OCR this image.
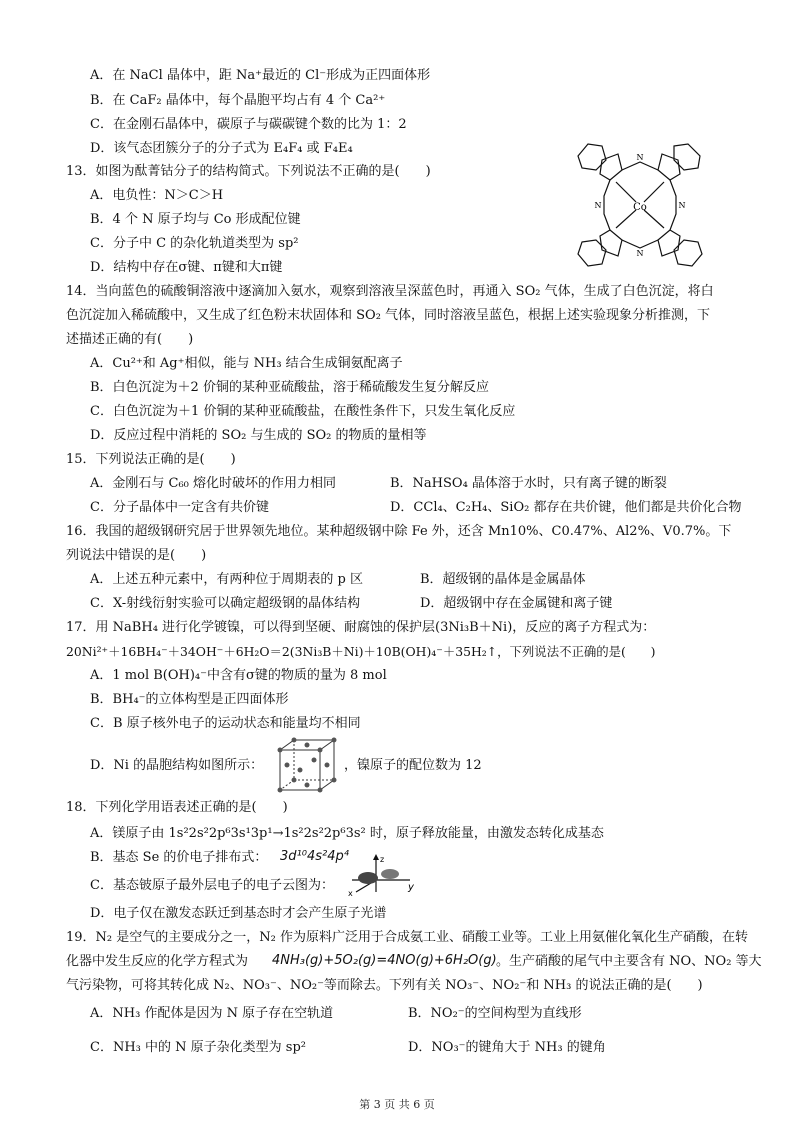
A．在 NaCl 晶体中，距 Na⁺最近的 Cl⁻形成为正四面体形
B．在 CaF₂ 晶体中，每个晶胞平均占有 4 个 Ca²⁺
C．在金刚石晶体中，碳原子与碳碳键个数的比为 1：2
D．该气态团簇分子的分子式为 E₄F₄ 或 F₄E₄
13．如图为酞菁钴分子的结构简式。下列说法不正确的是(　　)
A．电负性：N＞C＞H
B．4 个 N 原子均与 Co 形成配位键
C．分子中 C 的杂化轨道类型为 sp²
D．结构中存在σ键、π键和大π键
Co
N
N
N	N
14．当向蓝色的硫酸铜溶液中逐滴加入氨水，观察到溶液呈深蓝色时，再通入 SO₂ 气体，生成了白色沉淀，将白
色沉淀加入稀硫酸中，又生成了红色粉末状固体和 SO₂ 气体，同时溶液呈蓝色，根据上述实验现象分析推测，下
述描述正确的有(　　)
A．Cu²⁺和 Ag⁺相似，能与 NH₃ 结合生成铜氨配离子
B．白色沉淀为＋2 价铜的某种亚硫酸盐，溶于稀硫酸发生复分解反应
C．白色沉淀为＋1 价铜的某种亚硫酸盐，在酸性条件下，只发生氧化反应
D．反应过程中消耗的 SO₂ 与生成的 SO₂ 的物质的量相等
15．下列说法正确的是(　　)
A．金刚石与 C₆₀ 熔化时破坏的作用力相同	B．NaHSO₄ 晶体溶于水时，只有离子键的断裂
C．分子晶体中一定含有共价键	D．CCl₄、C₂H₄、SiO₂ 都存在共价键，他们都是共价化合物
16．我国的超级钢研究居于世界领先地位。某种超级钢中除 Fe 外，还含 Mn10%、C0.47%、Al2%、V0.7%。下
列说法中错误的是(　　)
A．上述五种元素中，有两种位于周期表的 p 区	B．超级钢的晶体是金属晶体
C．X-射线衍射实验可以确定超级钢的晶体结构	D．超级钢中存在金属键和离子键
17．用 NaBH₄ 进行化学镀镍，可以得到坚硬、耐腐蚀的保护层(3Ni₃B＋Ni)，反应的离子方程式为：
20Ni²⁺＋16BH₄⁻＋34OH⁻＋6H₂O＝2(3Ni₃B＋Ni)＋10B(OH)₄⁻＋35H₂↑，下列说法不正确的是(　　)
A．1 mol B(OH)₄⁻中含有σ键的物质的量为 8 mol
B．BH₄⁻的立体构型是正四面体形
C．B 原子核外电子的运动状态和能量均不相同
D．Ni 的晶胞结构如图所示：	，镍原子的配位数为 12
18．下列化学用语表述正确的是(　　)
A．镁原子由 1s²2s²2p⁶3s¹3p¹→1s²2s²2p⁶3s² 时，原子释放能量，由激发态转化成基态
B．基态 Se 的价电子排布式： 3d¹⁰4s²4p⁴
C．基态铍原子最外层电子的电子云图为：
z
y
x
D．电子仅在激发态跃迁到基态时才会产生原子光谱
19．N₂ 是空气的主要成分之一，N₂ 作为原料广泛用于合成氨工业、硝酸工业等。工业上用氨催化氧化生产硝酸，在转
化器中发生反应的化学方程式为 4NH₃(g)+5O₂(g)=4NO(g)+6H₂O(g) 。生产硝酸的尾气中主要含有 NO、NO₂ 等大
气污染物，可将其转化成 N₂、NO₃⁻、NO₂⁻等而除去。下列有关 NO₃⁻、NO₂⁻和 NH₃ 的说法正确的是(　　)
A．NH₃ 作配体是因为 N 原子存在空轨道	B．NO₂⁻的空间构型为直线形
C．NH₃ 中的 N 原子杂化类型为 sp²	D．NO₃⁻的键角大于 NH₃ 的键角
第 3 页 共 6 页
